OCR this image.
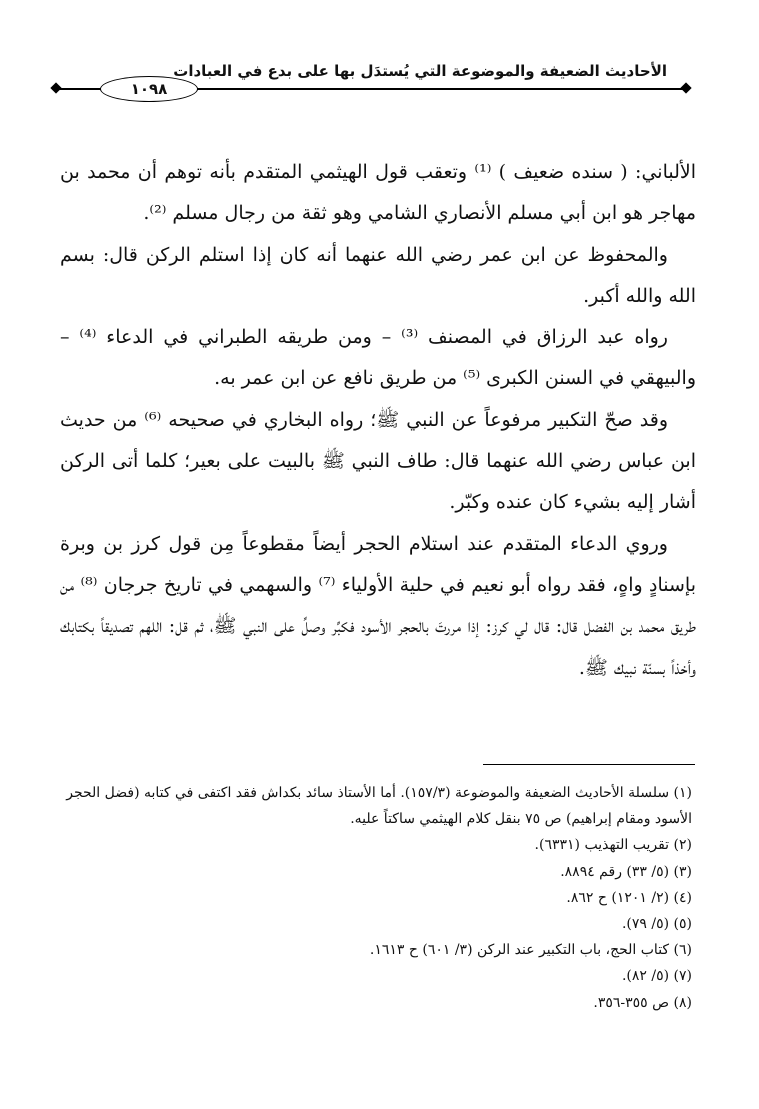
الأحاديث الضعيفة والموضوعة التي يُستدَل بها على بدع في العبادات
١٠٩٨

الألباني: ( سنده ضعيف ) ⁽¹⁾ وتعقب قول الهيثمي المتقدم بأنه توهم أن محمد بن مهاجر هو ابن أبي مسلم الأنصاري الشامي وهو ثقة من رجال مسلم ⁽²⁾.

والمحفوظ عن ابن عمر رضي الله عنهما أنه كان إذا استلم الركن قال: بسم الله والله أكبر.

رواه عبد الرزاق في المصنف ⁽³⁾ – ومن طريقه الطبراني في الدعاء ⁽⁴⁾ – والبيهقي في السنن الكبرى ⁽⁵⁾ من طريق نافع عن ابن عمر به.

وقد صحّ التكبير مرفوعاً عن النبي ﷺ؛ رواه البخاري في صحيحه ⁽⁶⁾ من حديث ابن عباس رضي الله عنهما قال: طاف النبي ﷺ بالبيت على بعير؛ كلما أتى الركن أشار إليه بشيء كان عنده وكبّر.

وروي الدعاء المتقدم عند استلام الحجر أيضاً مقطوعاً مِن قول كرز بن وبرة بإسنادٍ واهٍ، فقد رواه أبو نعيم في حلية الأولياء ⁽⁷⁾ والسهمي في تاريخ جرجان ⁽⁸⁾ من طريق محمد بن الفضل قال: قال لي كرز: إذا مررتَ بالحجر الأسود فكبِّر وصلِّ على النبي ﷺ، ثم قل: اللهم تصديقاً بكتابك وأخذاً بسنّة نبيك ﷺ.

(١) سلسلة الأحاديث الضعيفة والموضوعة (١٥٧/٣). أما الأستاذ سائد بكداش فقد اكتفى في كتابه (فضل الحجر الأسود ومقام إبراهيم) ص ٧٥ بنقل كلام الهيثمي ساكتاً عليه.

(٢) تقريب التهذيب (٦٣٣١).

(٣) (٥/ ٣٣) رقم ٨٨٩٤.

(٤) (٢/ ١٢٠١) ح ٨٦٢.

(٥) (٥/ ٧٩).

(٦) كتاب الحج، باب التكبير عند الركن (٣/ ٦٠١) ح ١٦١٣.

(٧) (٥/ ٨٢).

(٨) ص ٣٥٥-٣٥٦.
